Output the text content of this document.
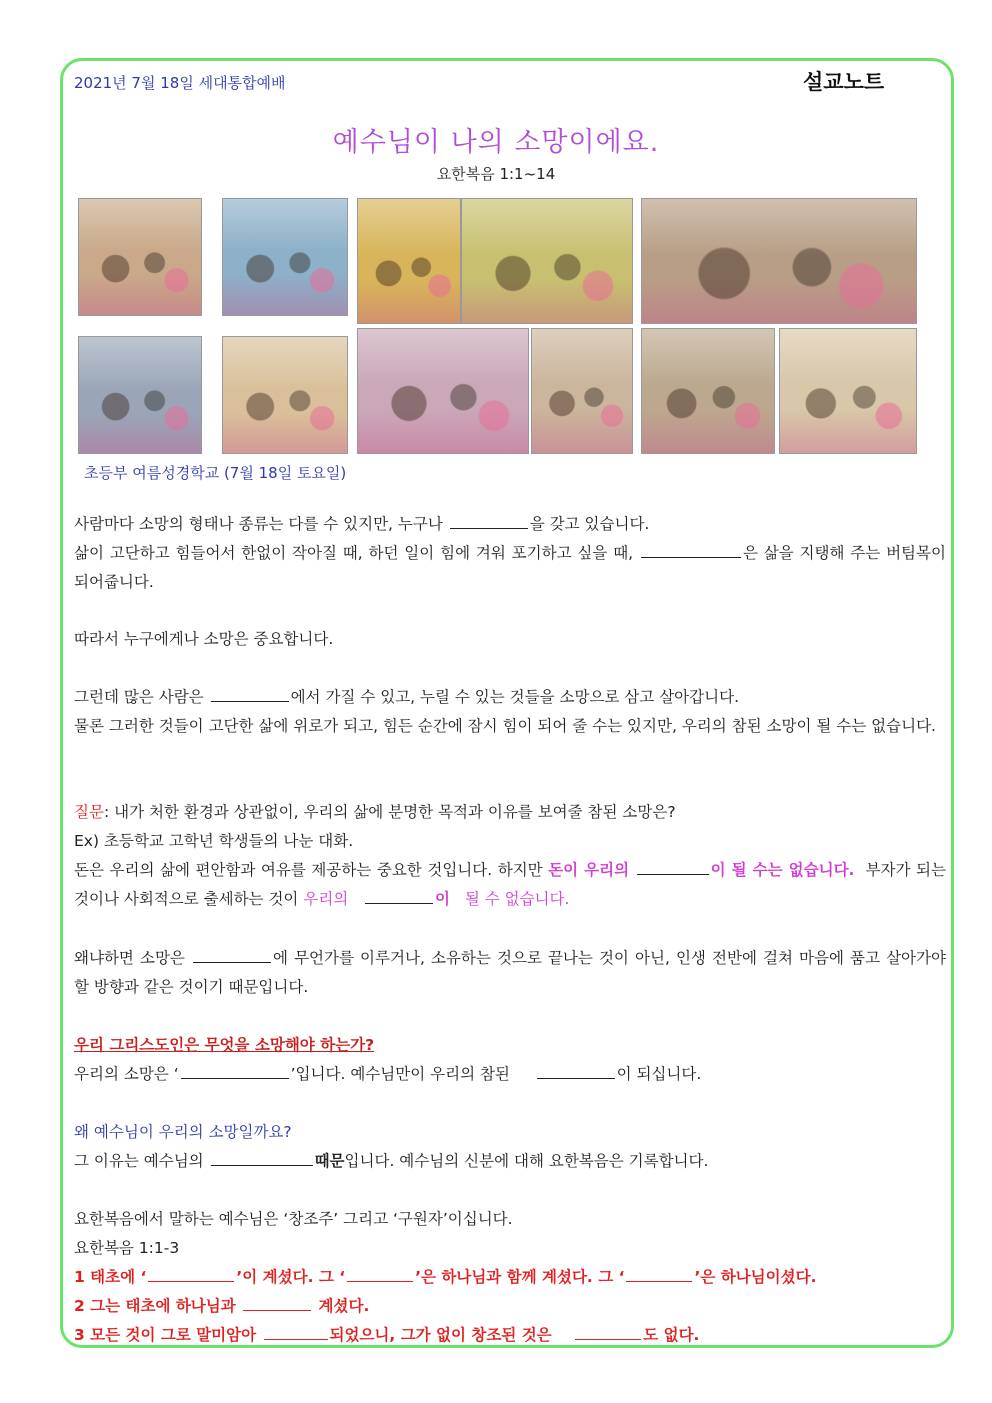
2021년 7월 18일 세대통합예배	설교노트
예수님이 나의 소망이에요.
요한복음 1:1~14
초등부 여름성경학교 (7월 18일 토요일)
사람마다 소망의 형태나 종류는 다를 수 있지만, 누구나	을 갖고 있습니다.
삶이 고단하고 힘들어서 한없이 작아질 때, 하던 일이 힘에 겨워 포기하고 싶을 때,	은 삶을 지탱해 주는 버팀목이 되어줍니다.
따라서 누구에게나 소망은 중요합니다.
그런데 많은 사람은	에서 가질 수 있고, 누릴 수 있는 것들을 소망으로 삼고 살아갑니다.
물론 그러한 것들이 고단한 삶에 위로가 되고, 힘든 순간에 잠시 힘이 되어 줄 수는 있지만, 우리의 참된 소망이 될 수는 없습니다.
질문: 내가 처한 환경과 상관없이, 우리의 삶에 분명한 목적과 이유를 보여줄 참된 소망은?
Ex) 초등학교 고학년 학생들의 나눈 대화.
돈은 우리의 삶에 편안함과 여유를 제공하는 중요한 것입니다. 하지만 돈이 우리의	이 될 수는 없습니다. 부자가 되는 것이나 사회적으로 출세하는 것이 우리의	이 될 수 없습니다.
왜냐하면 소망은	에 무언가를 이루거나, 소유하는 것으로 끝나는 것이 아닌, 인생 전반에 걸쳐 마음에 품고 살아가야 할 방향과 같은 것이기 때문입니다.
우리 그리스도인은 무엇을 소망해야 하는가?
우리의 소망은 ‘	’입니다. 예수님만이 우리의 참된	이 되십니다.
왜 예수님이 우리의 소망일까요?
그 이유는 예수님의	때문입니다. 예수님의 신분에 대해 요한복음은 기록합니다.
요한복음에서 말하는 예수님은 ‘창조주’ 그리고 ‘구원자’이십니다.
요한복음 1:1-3
1 태초에 ‘	’이 계셨다. 그 ‘	’은 하나님과 함께 계셨다. 그 ‘	’은 하나님이셨다.
2 그는 태초에 하나님과	계셨다.
3 모든 것이 그로 말미암아	되었으니, 그가 없이 창조된 것은	도 없다.
